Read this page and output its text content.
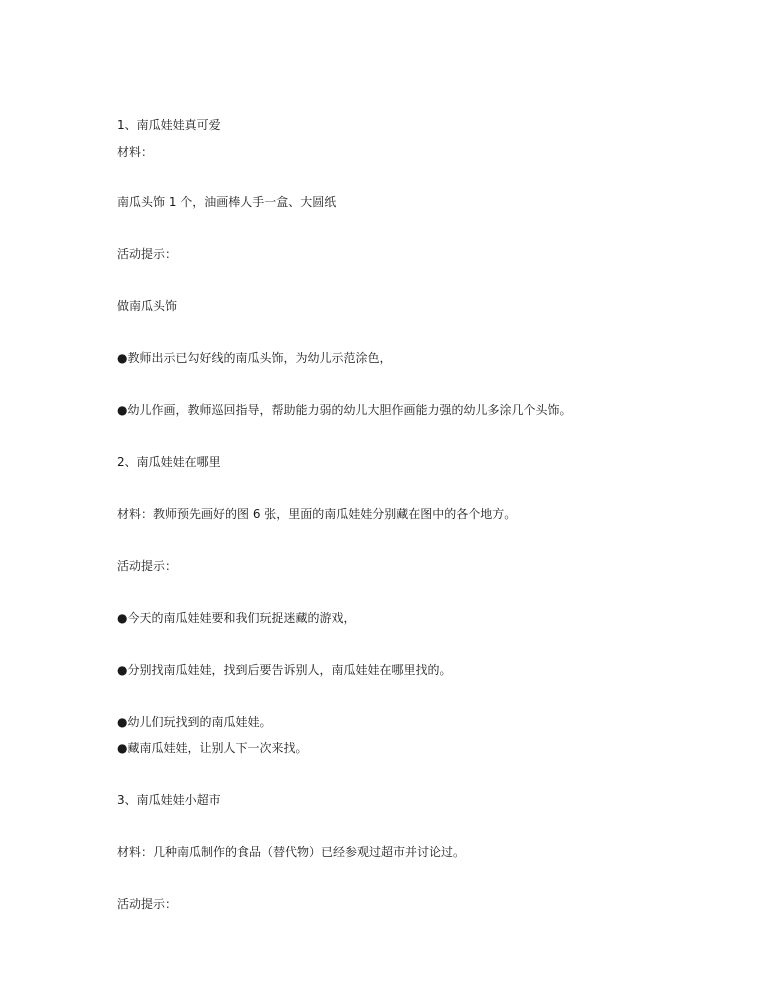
1、南瓜娃娃真可爱
材料：
南瓜头饰 1 个，油画棒人手一盒、大圆纸
活动提示：
做南瓜头饰
●教师出示已勾好线的南瓜头饰，为幼儿示范涂色，
●幼儿作画，教师巡回指导，帮助能力弱的幼儿大胆作画能力强的幼儿多涂几个头饰。
2、南瓜娃娃在哪里
材料：教师预先画好的图 6 张，里面的南瓜娃娃分别藏在图中的各个地方。
活动提示：
●今天的南瓜娃娃要和我们玩捉迷藏的游戏，
●分别找南瓜娃娃，找到后要告诉别人，南瓜娃娃在哪里找的。
●幼儿们玩找到的南瓜娃娃。
●藏南瓜娃娃，让别人下一次来找。
3、南瓜娃娃小超市
材料：几种南瓜制作的食品（替代物）已经参观过超市并讨论过。
活动提示：
